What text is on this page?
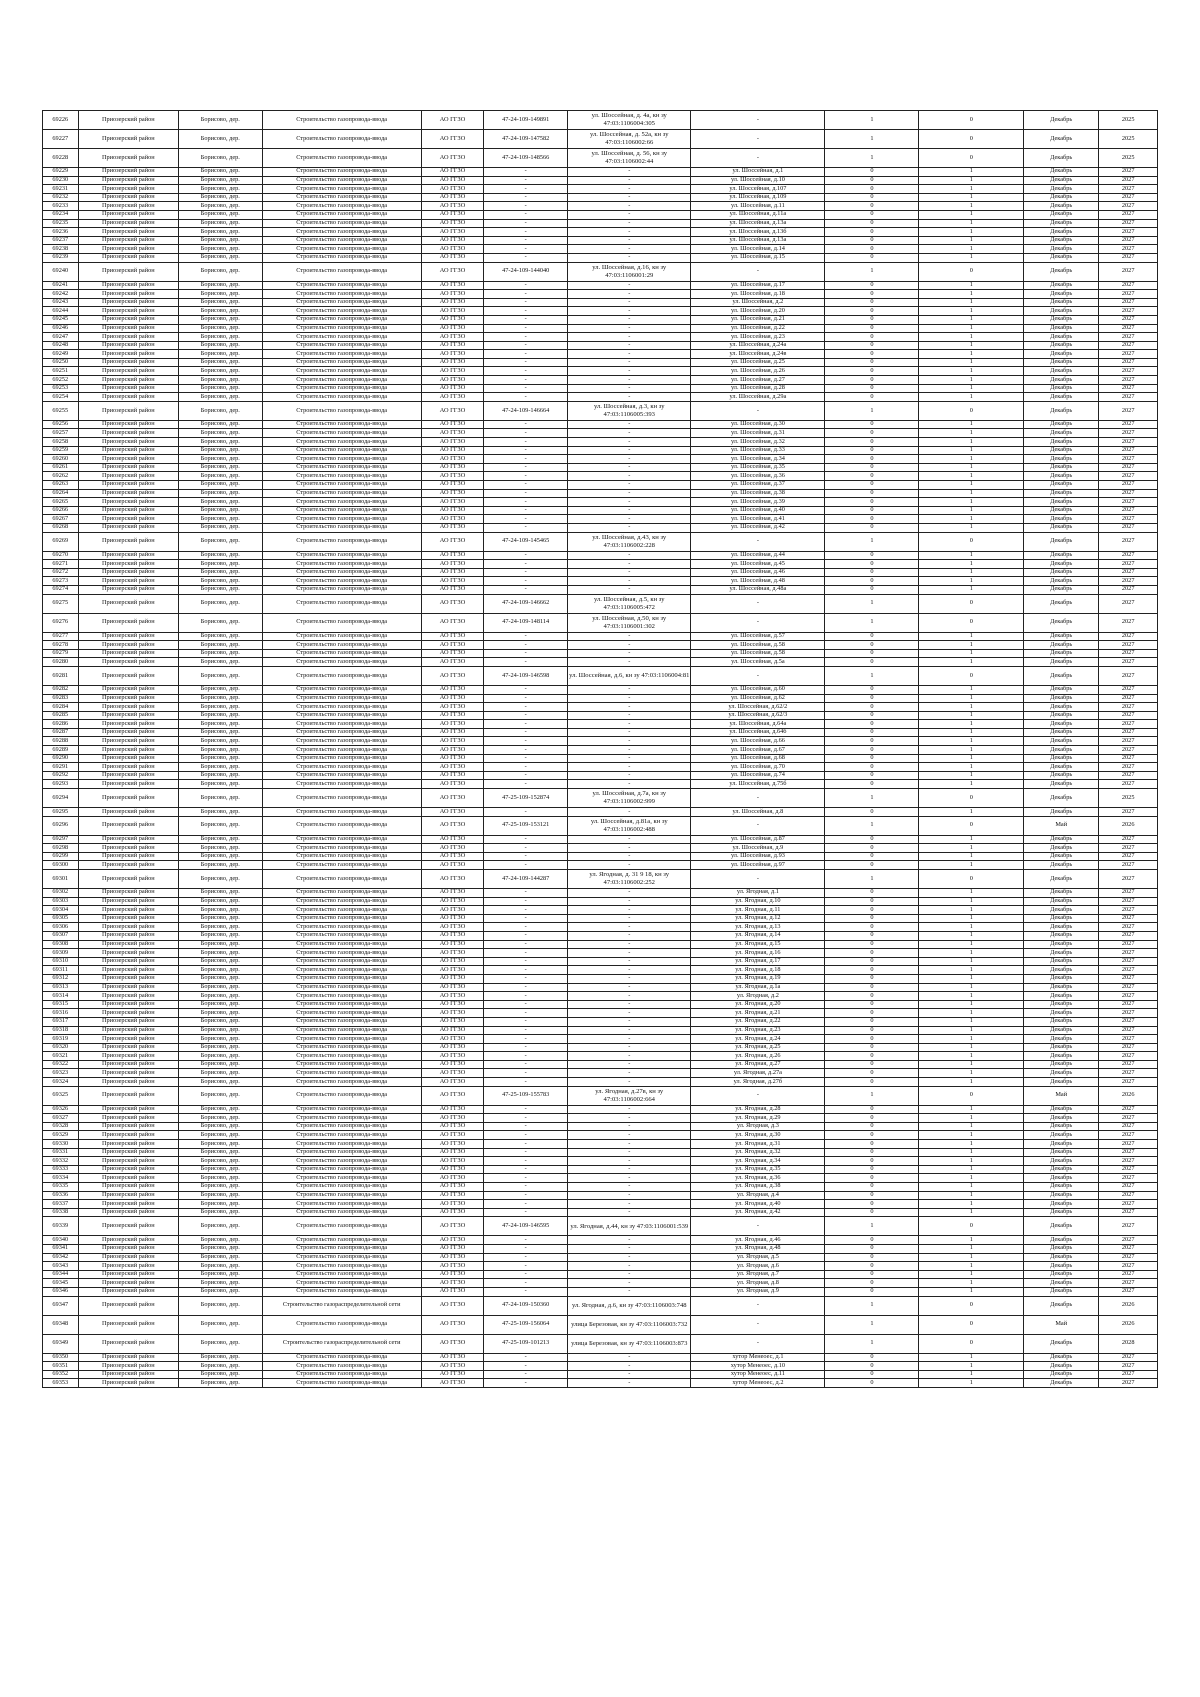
69226	Приозерский район	Борисово, дер.	Строительство газопровода-ввода	АО ГГЗО	47-24-109-149891	ул. Шоссейная, д. 4а, кн зу 47:03:1106004:305	-	1	0	Декабрь	2025
69227	Приозерский район	Борисово, дер.	Строительство газопровода-ввода	АО ГГЗО	47-24-109-147582	ул. Шоссейная, д. 52а, кн зу 47:03:1106002:66	-	1	0	Декабрь	2025
69228	Приозерский район	Борисово, дер.	Строительство газопровода-ввода	АО ГГЗО	47-24-109-148566	ул. Шоссейная, д. 56, кн зу 47:03:1106002:44	-	1	0	Декабрь	2025
69229	Приозерский район	Борисово, дер.	Строительство газопровода-ввода	АО ГГЗО	-	-	ул. Шоссейная, д.1	0	1	Декабрь	2027
69230	Приозерский район	Борисово, дер.	Строительство газопровода-ввода	АО ГГЗО	-	-	ул. Шоссейная, д.10	0	1	Декабрь	2027
69231	Приозерский район	Борисово, дер.	Строительство газопровода-ввода	АО ГГЗО	-	-	ул. Шоссейная, д.107	0	1	Декабрь	2027
69232	Приозерский район	Борисово, дер.	Строительство газопровода-ввода	АО ГГЗО	-	-	ул. Шоссейная, д.109	0	1	Декабрь	2027
69233	Приозерский район	Борисово, дер.	Строительство газопровода-ввода	АО ГГЗО	-	-	ул. Шоссейная, д.11	0	1	Декабрь	2027
69234	Приозерский район	Борисово, дер.	Строительство газопровода-ввода	АО ГГЗО	-	-	ул. Шоссейная, д.11а	0	1	Декабрь	2027
69235	Приозерский район	Борисово, дер.	Строительство газопровода-ввода	АО ГГЗО	-	-	ул. Шоссейная, д.13а	0	1	Декабрь	2027
69236	Приозерский район	Борисово, дер.	Строительство газопровода-ввода	АО ГГЗО	-	-	ул. Шоссейная, д.13б	0	1	Декабрь	2027
69237	Приозерский район	Борисово, дер.	Строительство газопровода-ввода	АО ГГЗО	-	-	ул. Шоссейная, д.13а	0	1	Декабрь	2027
69238	Приозерский район	Борисово, дер.	Строительство газопровода-ввода	АО ГГЗО	-	-	ул. Шоссейная, д.14	0	1	Декабрь	2027
69239	Приозерский район	Борисово, дер.	Строительство газопровода-ввода	АО ГГЗО	-	-	ул. Шоссейная, д.15	0	1	Декабрь	2027
69240	Приозерский район	Борисово, дер.	Строительство газопровода-ввода	АО ГГЗО	47-24-109-144040	ул. Шоссейная, д.16, кн зу 47:03:1106001:29	-	1	0	Декабрь	2027
69241	Приозерский район	Борисово, дер.	Строительство газопровода-ввода	АО ГГЗО	-	-	ул. Шоссейная, д.17	0	1	Декабрь	2027
69242	Приозерский район	Борисово, дер.	Строительство газопровода-ввода	АО ГГЗО	-	-	ул. Шоссейная, д.18	0	1	Декабрь	2027
69243	Приозерский район	Борисово, дер.	Строительство газопровода-ввода	АО ГГЗО	-	-	ул. Шоссейная, д.2	0	1	Декабрь	2027
69244	Приозерский район	Борисово, дер.	Строительство газопровода-ввода	АО ГГЗО	-	-	ул. Шоссейная, д.20	0	1	Декабрь	2027
69245	Приозерский район	Борисово, дер.	Строительство газопровода-ввода	АО ГГЗО	-	-	ул. Шоссейная, д.21	0	1	Декабрь	2027
69246	Приозерский район	Борисово, дер.	Строительство газопровода-ввода	АО ГГЗО	-	-	ул. Шоссейная, д.22	0	1	Декабрь	2027
69247	Приозерский район	Борисово, дер.	Строительство газопровода-ввода	АО ГГЗО	-	-	ул. Шоссейная, д.23	0	1	Декабрь	2027
69248	Приозерский район	Борисово, дер.	Строительство газопровода-ввода	АО ГГЗО	-	-	ул. Шоссейная, д.24а	0	1	Декабрь	2027
69249	Приозерский район	Борисово, дер.	Строительство газопровода-ввода	АО ГГЗО	-	-	ул. Шоссейная, д.24в	0	1	Декабрь	2027
69250	Приозерский район	Борисово, дер.	Строительство газопровода-ввода	АО ГГЗО	-	-	ул. Шоссейная, д.25	0	1	Декабрь	2027
69251	Приозерский район	Борисово, дер.	Строительство газопровода-ввода	АО ГГЗО	-	-	ул. Шоссейная, д.26	0	1	Декабрь	2027
69252	Приозерский район	Борисово, дер.	Строительство газопровода-ввода	АО ГГЗО	-	-	ул. Шоссейная, д.27	0	1	Декабрь	2027
69253	Приозерский район	Борисово, дер.	Строительство газопровода-ввода	АО ГГЗО	-	-	ул. Шоссейная, д.28	0	1	Декабрь	2027
69254	Приозерский район	Борисово, дер.	Строительство газопровода-ввода	АО ГГЗО	-	-	ул. Шоссейная, д.29а	0	1	Декабрь	2027
69255	Приозерский район	Борисово, дер.	Строительство газопровода-ввода	АО ГГЗО	47-24-109-146664	ул. Шоссейная, д.3, кн зу 47:03:1106005:393	-	1	0	Декабрь	2027
69256	Приозерский район	Борисово, дер.	Строительство газопровода-ввода	АО ГГЗО	-	-	ул. Шоссейная, д.30	0	1	Декабрь	2027
69257	Приозерский район	Борисово, дер.	Строительство газопровода-ввода	АО ГГЗО	-	-	ул. Шоссейная, д.31	0	1	Декабрь	2027
69258	Приозерский район	Борисово, дер.	Строительство газопровода-ввода	АО ГГЗО	-	-	ул. Шоссейная, д.32	0	1	Декабрь	2027
69259	Приозерский район	Борисово, дер.	Строительство газопровода-ввода	АО ГГЗО	-	-	ул. Шоссейная, д.33	0	1	Декабрь	2027
69260	Приозерский район	Борисово, дер.	Строительство газопровода-ввода	АО ГГЗО	-	-	ул. Шоссейная, д.34	0	1	Декабрь	2027
69261	Приозерский район	Борисово, дер.	Строительство газопровода-ввода	АО ГГЗО	-	-	ул. Шоссейная, д.35	0	1	Декабрь	2027
69262	Приозерский район	Борисово, дер.	Строительство газопровода-ввода	АО ГГЗО	-	-	ул. Шоссейная, д.36	0	1	Декабрь	2027
69263	Приозерский район	Борисово, дер.	Строительство газопровода-ввода	АО ГГЗО	-	-	ул. Шоссейная, д.37	0	1	Декабрь	2027
69264	Приозерский район	Борисово, дер.	Строительство газопровода-ввода	АО ГГЗО	-	-	ул. Шоссейная, д.38	0	1	Декабрь	2027
69265	Приозерский район	Борисово, дер.	Строительство газопровода-ввода	АО ГГЗО	-	-	ул. Шоссейная, д.39	0	1	Декабрь	2027
69266	Приозерский район	Борисово, дер.	Строительство газопровода-ввода	АО ГГЗО	-	-	ул. Шоссейная, д.40	0	1	Декабрь	2027
69267	Приозерский район	Борисово, дер.	Строительство газопровода-ввода	АО ГГЗО	-	-	ул. Шоссейная, д.41	0	1	Декабрь	2027
69268	Приозерский район	Борисово, дер.	Строительство газопровода-ввода	АО ГГЗО	-	-	ул. Шоссейная, д.42	0	1	Декабрь	2027
69269	Приозерский район	Борисово, дер.	Строительство газопровода-ввода	АО ГГЗО	47-24-109-145465	ул. Шоссейная, д.43, кн зу 47:03:1106002:228	-	1	0	Декабрь	2027
69270	Приозерский район	Борисово, дер.	Строительство газопровода-ввода	АО ГГЗО	-	-	ул. Шоссейная, д.44	0	1	Декабрь	2027
69271	Приозерский район	Борисово, дер.	Строительство газопровода-ввода	АО ГГЗО	-	-	ул. Шоссейная, д.45	0	1	Декабрь	2027
69272	Приозерский район	Борисово, дер.	Строительство газопровода-ввода	АО ГГЗО	-	-	ул. Шоссейная, д.46	0	1	Декабрь	2027
69273	Приозерский район	Борисово, дер.	Строительство газопровода-ввода	АО ГГЗО	-	-	ул. Шоссейная, д.48	0	1	Декабрь	2027
69274	Приозерский район	Борисово, дер.	Строительство газопровода-ввода	АО ГГЗО	-	-	ул. Шоссейная, д.48а	0	1	Декабрь	2027
69275	Приозерский район	Борисово, дер.	Строительство газопровода-ввода	АО ГГЗО	47-24-109-146662	ул. Шоссейная, д.5, кн зу 47:03:1106005:472	-	1	0	Декабрь	2027
69276	Приозерский район	Борисово, дер.	Строительство газопровода-ввода	АО ГГЗО	47-24-109-148114	ул. Шоссейная, д.50, кн зу 47:03:1106001:302	-	1	0	Декабрь	2027
69277	Приозерский район	Борисово, дер.	Строительство газопровода-ввода	АО ГГЗО	-	-	ул. Шоссейная, д.57	0	1	Декабрь	2027
69278	Приозерский район	Борисово, дер.	Строительство газопровода-ввода	АО ГГЗО	-	-	ул. Шоссейная, д.58	0	1	Декабрь	2027
69279	Приозерский район	Борисово, дер.	Строительство газопровода-ввода	АО ГГЗО	-	-	ул. Шоссейная, д.58	0	1	Декабрь	2027
69280	Приозерский район	Борисово, дер.	Строительство газопровода-ввода	АО ГГЗО	-	-	ул. Шоссейная, д.5а	0	1	Декабрь	2027
69281	Приозерский район	Борисово, дер.	Строительство газопровода-ввода	АО ГГЗО	47-24-109-146598	ул. Шоссейная, д.6, кн зу 47:03:1106004:81	-	1	0	Декабрь	2027
69282	Приозерский район	Борисово, дер.	Строительство газопровода-ввода	АО ГГЗО	-	-	ул. Шоссейная, д.60	0	1	Декабрь	2027
69283	Приозерский район	Борисово, дер.	Строительство газопровода-ввода	АО ГГЗО	-	-	ул. Шоссейная, д.62	0	1	Декабрь	2027
69284	Приозерский район	Борисово, дер.	Строительство газопровода-ввода	АО ГГЗО	-	-	ул. Шоссейная, д.62/2	0	1	Декабрь	2027
69285	Приозерский район	Борисово, дер.	Строительство газопровода-ввода	АО ГГЗО	-	-	ул. Шоссейная, д.62/3	0	1	Декабрь	2027
69286	Приозерский район	Борисово, дер.	Строительство газопровода-ввода	АО ГГЗО	-	-	ул. Шоссейная, д.64а	0	1	Декабрь	2027
69287	Приозерский район	Борисово, дер.	Строительство газопровода-ввода	АО ГГЗО	-	-	ул. Шоссейная, д.64б	0	1	Декабрь	2027
69288	Приозерский район	Борисово, дер.	Строительство газопровода-ввода	АО ГГЗО	-	-	ул. Шоссейная, д.66	0	1	Декабрь	2027
69289	Приозерский район	Борисово, дер.	Строительство газопровода-ввода	АО ГГЗО	-	-	ул. Шоссейная, д.67	0	1	Декабрь	2027
69290	Приозерский район	Борисово, дер.	Строительство газопровода-ввода	АО ГГЗО	-	-	ул. Шоссейная, д.68	0	1	Декабрь	2027
69291	Приозерский район	Борисово, дер.	Строительство газопровода-ввода	АО ГГЗО	-	-	ул. Шоссейная, д.70	0	1	Декабрь	2027
69292	Приозерский район	Борисово, дер.	Строительство газопровода-ввода	АО ГГЗО	-	-	ул. Шоссейная, д.74	0	1	Декабрь	2027
69293	Приозерский район	Борисово, дер.	Строительство газопровода-ввода	АО ГГЗО	-	-	ул. Шоссейная, д.75б	0	1	Декабрь	2027
69294	Приозерский район	Борисово, дер.	Строительство газопровода-ввода	АО ГГЗО	47-25-109-152874	ул. Шоссейная, д.7а, кн зу 47:03:1106002:999	-	1	0	Декабрь	2025
69295	Приозерский район	Борисово, дер.	Строительство газопровода-ввода	АО ГГЗО	-	-	ул. Шоссейная, д.8	0	1	Декабрь	2027
69296	Приозерский район	Борисово, дер.	Строительство газопровода-ввода	АО ГГЗО	47-25-109-153121	ул. Шоссейная, д.81а, кн зу 47:03:1106002:488	-	1	0	Май	2026
69297	Приозерский район	Борисово, дер.	Строительство газопровода-ввода	АО ГГЗО	-	-	ул. Шоссейная, д.87	0	1	Декабрь	2027
69298	Приозерский район	Борисово, дер.	Строительство газопровода-ввода	АО ГГЗО	-	-	ул. Шоссейная, д.9	0	1	Декабрь	2027
69299	Приозерский район	Борисово, дер.	Строительство газопровода-ввода	АО ГГЗО	-	-	ул. Шоссейная, д.93	0	1	Декабрь	2027
69300	Приозерский район	Борисово, дер.	Строительство газопровода-ввода	АО ГГЗО	-	-	ул. Шоссейная, д.97	0	1	Декабрь	2027
69301	Приозерский район	Борисово, дер.	Строительство газопровода-ввода	АО ГГЗО	47-24-109-144287	ул. Ягодная, д. 31 9 18, кн зу 47:03:1106002:252	-	1	0	Декабрь	2027
69302	Приозерский район	Борисово, дер.	Строительство газопровода-ввода	АО ГГЗО	-	-	ул. Ягодная, д.1	0	1	Декабрь	2027
69303	Приозерский район	Борисово, дер.	Строительство газопровода-ввода	АО ГГЗО	-	-	ул. Ягодная, д.10	0	1	Декабрь	2027
69304	Приозерский район	Борисово, дер.	Строительство газопровода-ввода	АО ГГЗО	-	-	ул. Ягодная, д.11	0	1	Декабрь	2027
69305	Приозерский район	Борисово, дер.	Строительство газопровода-ввода	АО ГГЗО	-	-	ул. Ягодная, д.12	0	1	Декабрь	2027
69306	Приозерский район	Борисово, дер.	Строительство газопровода-ввода	АО ГГЗО	-	-	ул. Ягодная, д.13	0	1	Декабрь	2027
69307	Приозерский район	Борисово, дер.	Строительство газопровода-ввода	АО ГГЗО	-	-	ул. Ягодная, д.14	0	1	Декабрь	2027
69308	Приозерский район	Борисово, дер.	Строительство газопровода-ввода	АО ГГЗО	-	-	ул. Ягодная, д.15	0	1	Декабрь	2027
69309	Приозерский район	Борисово, дер.	Строительство газопровода-ввода	АО ГГЗО	-	-	ул. Ягодная, д.16	0	1	Декабрь	2027
69310	Приозерский район	Борисово, дер.	Строительство газопровода-ввода	АО ГГЗО	-	-	ул. Ягодная, д.17	0	1	Декабрь	2027
69311	Приозерский район	Борисово, дер.	Строительство газопровода-ввода	АО ГГЗО	-	-	ул. Ягодная, д.18	0	1	Декабрь	2027
69312	Приозерский район	Борисово, дер.	Строительство газопровода-ввода	АО ГГЗО	-	-	ул. Ягодная, д.19	0	1	Декабрь	2027
69313	Приозерский район	Борисово, дер.	Строительство газопровода-ввода	АО ГГЗО	-	-	ул. Ягодная, д.1а	0	1	Декабрь	2027
69314	Приозерский район	Борисово, дер.	Строительство газопровода-ввода	АО ГГЗО	-	-	ул. Ягодная, д.2	0	1	Декабрь	2027
69315	Приозерский район	Борисово, дер.	Строительство газопровода-ввода	АО ГГЗО	-	-	ул. Ягодная, д.20	0	1	Декабрь	2027
69316	Приозерский район	Борисово, дер.	Строительство газопровода-ввода	АО ГГЗО	-	-	ул. Ягодная, д.21	0	1	Декабрь	2027
69317	Приозерский район	Борисово, дер.	Строительство газопровода-ввода	АО ГГЗО	-	-	ул. Ягодная, д.22	0	1	Декабрь	2027
69318	Приозерский район	Борисово, дер.	Строительство газопровода-ввода	АО ГГЗО	-	-	ул. Ягодная, д.23	0	1	Декабрь	2027
69319	Приозерский район	Борисово, дер.	Строительство газопровода-ввода	АО ГГЗО	-	-	ул. Ягодная, д.24	0	1	Декабрь	2027
69320	Приозерский район	Борисово, дер.	Строительство газопровода-ввода	АО ГГЗО	-	-	ул. Ягодная, д.25	0	1	Декабрь	2027
69321	Приозерский район	Борисово, дер.	Строительство газопровода-ввода	АО ГГЗО	-	-	ул. Ягодная, д.26	0	1	Декабрь	2027
69322	Приозерский район	Борисово, дер.	Строительство газопровода-ввода	АО ГГЗО	-	-	ул. Ягодная, д.27	0	1	Декабрь	2027
69323	Приозерский район	Борисово, дер.	Строительство газопровода-ввода	АО ГГЗО	-	-	ул. Ягодная, д.27а	0	1	Декабрь	2027
69324	Приозерский район	Борисово, дер.	Строительство газопровода-ввода	АО ГГЗО	-	-	ул. Ягодная, д.27б	0	1	Декабрь	2027
69325	Приозерский район	Борисово, дер.	Строительство газопровода-ввода	АО ГГЗО	47-25-109-155783	ул. Ягодная, д.27в, кн зу 47:03:1106002:664	-	1	0	Май	2026
69326	Приозерский район	Борисово, дер.	Строительство газопровода-ввода	АО ГГЗО	-	-	ул. Ягодная, д.28	0	1	Декабрь	2027
69327	Приозерский район	Борисово, дер.	Строительство газопровода-ввода	АО ГГЗО	-	-	ул. Ягодная, д.29	0	1	Декабрь	2027
69328	Приозерский район	Борисово, дер.	Строительство газопровода-ввода	АО ГГЗО	-	-	ул. Ягодная, д.3	0	1	Декабрь	2027
69329	Приозерский район	Борисово, дер.	Строительство газопровода-ввода	АО ГГЗО	-	-	ул. Ягодная, д.30	0	1	Декабрь	2027
69330	Приозерский район	Борисово, дер.	Строительство газопровода-ввода	АО ГГЗО	-	-	ул. Ягодная, д.31	0	1	Декабрь	2027
69331	Приозерский район	Борисово, дер.	Строительство газопровода-ввода	АО ГГЗО	-	-	ул. Ягодная, д.32	0	1	Декабрь	2027
69332	Приозерский район	Борисово, дер.	Строительство газопровода-ввода	АО ГГЗО	-	-	ул. Ягодная, д.34	0	1	Декабрь	2027
69333	Приозерский район	Борисово, дер.	Строительство газопровода-ввода	АО ГГЗО	-	-	ул. Ягодная, д.35	0	1	Декабрь	2027
69334	Приозерский район	Борисово, дер.	Строительство газопровода-ввода	АО ГГЗО	-	-	ул. Ягодная, д.36	0	1	Декабрь	2027
69335	Приозерский район	Борисово, дер.	Строительство газопровода-ввода	АО ГГЗО	-	-	ул. Ягодная, д.38	0	1	Декабрь	2027
69336	Приозерский район	Борисово, дер.	Строительство газопровода-ввода	АО ГГЗО	-	-	ул. Ягодная, д.4	0	1	Декабрь	2027
69337	Приозерский район	Борисово, дер.	Строительство газопровода-ввода	АО ГГЗО	-	-	ул. Ягодная, д.40	0	1	Декабрь	2027
69338	Приозерский район	Борисово, дер.	Строительство газопровода-ввода	АО ГГЗО	-	-	ул. Ягодная, д.42	0	1	Декабрь	2027
69339	Приозерский район	Борисово, дер.	Строительство газопровода-ввода	АО ГГЗО	47-24-109-146595	ул. Ягодная, д.44, кн зу 47:03:1106001:539	-	1	0	Декабрь	2027
69340	Приозерский район	Борисово, дер.	Строительство газопровода-ввода	АО ГГЗО	-	-	ул. Ягодная, д.46	0	1	Декабрь	2027
69341	Приозерский район	Борисово, дер.	Строительство газопровода-ввода	АО ГГЗО	-	-	ул. Ягодная, д.48	0	1	Декабрь	2027
69342	Приозерский район	Борисово, дер.	Строительство газопровода-ввода	АО ГГЗО	-	-	ул. Ягодная, д.5	0	1	Декабрь	2027
69343	Приозерский район	Борисово, дер.	Строительство газопровода-ввода	АО ГГЗО	-	-	ул. Ягодная, д.6	0	1	Декабрь	2027
69344	Приозерский район	Борисово, дер.	Строительство газопровода-ввода	АО ГГЗО	-	-	ул. Ягодная, д.7	0	1	Декабрь	2027
69345	Приозерский район	Борисово, дер.	Строительство газопровода-ввода	АО ГГЗО	-	-	ул. Ягодная, д.8	0	1	Декабрь	2027
69346	Приозерский район	Борисово, дер.	Строительство газопровода-ввода	АО ГГЗО	-	-	ул. Ягодная, д.9	0	1	Декабрь	2027
69347	Приозерский район	Борисово, дер.	Строительство газораспределительной сети	АО ГГЗО	47-24-109-150360	ул. Ягодная, д.6, кн зу 47:03:1106003:748	-	1	0	Декабрь	2026
69348	Приозерский район	Борисово, дер.	Строительство газопровода-ввода	АО ГГЗО	47-25-109-156064	улица Березовая, кн зу 47:03:1106003:732	-	1	0	Май	2026
69349	Приозерский район	Борисово, дер.	Строительство газораспределительной сети	АО ГГЗО	47-25-109-101213	улица Березовая, кн зу 47:03:1106003:873	-	1	0	Декабрь	2028
69350	Приозерский район	Борисово, дер.	Строительство газопровода-ввода	АО ГГЗО	-	-	хутор Менеоес, д.1	0	1	Декабрь	2027
69351	Приозерский район	Борисово, дер.	Строительство газопровода-ввода	АО ГГЗО	-	-	хутор Менеоес, д.10	0	1	Декабрь	2027
69352	Приозерский район	Борисово, дер.	Строительство газопровода-ввода	АО ГГЗО	-	-	хутор Менеоес, д.11	0	1	Декабрь	2027
69353	Приозерский район	Борисово, дер.	Строительство газопровода-ввода	АО ГГЗО	-	-	хутор Менеоес, д.2	0	1	Декабрь	2027
